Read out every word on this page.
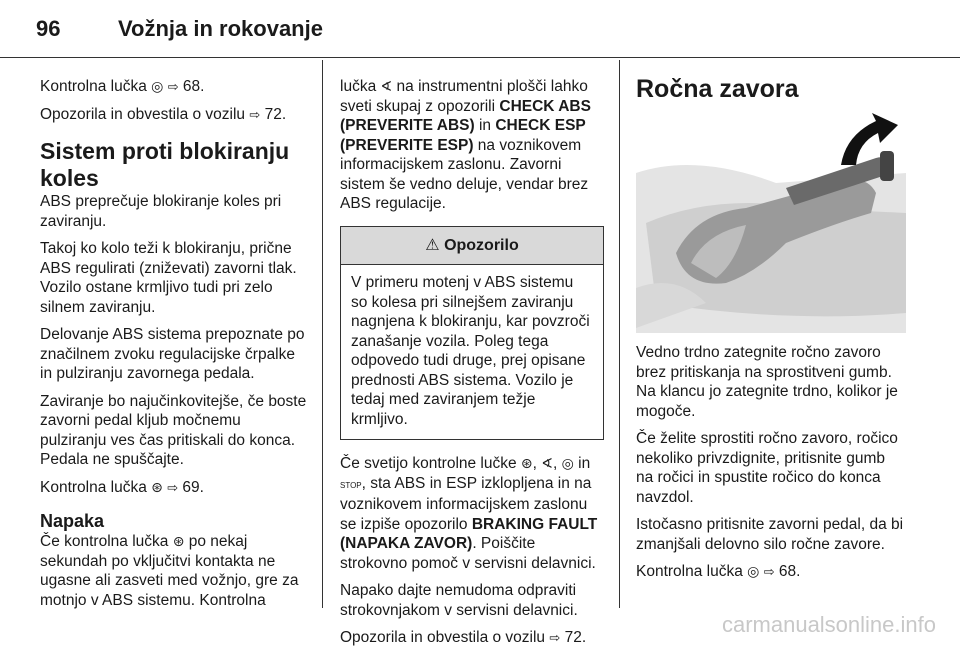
96	Vožnja in rokovanje

Kontrolna lučka ◎ ⇨ 68.

Opozorila in obvestila o vozilu ⇨ 72.

Sistem proti blokiranju koles

ABS preprečuje blokiranje koles pri zaviranju.

Takoj ko kolo teži k blokiranju, prične ABS regulirati (zniževati) zavorni tlak. Vozilo ostane krmljivo tudi pri zelo silnem zaviranju.

Delovanje ABS sistema prepoznate po značilnem zvoku regulacijske črpalke in pulziranju zavornega pedala.

Zaviranje bo najučinkovitejše, če boste zavorni pedal kljub močnemu pulziranju ves čas pritiskali do konca. Pedala ne spuščajte.

Kontrolna lučka ⊛ ⇨ 69.

Napaka

Če kontrolna lučka ⊛ po nekaj sekundah po vključitvi kontakta ne ugasne ali zasveti med vožnjo, gre za motnjo v ABS sistemu. Kontrolna

lučka ∢ na instrumentni plošči lahko sveti skupaj z opozorili CHECK ABS (PREVERITE ABS) in CHECK ESP (PREVERITE ESP) na voznikovem informacijskem zaslonu. Zavorni sistem še vedno deluje, vendar brez ABS regulacije.

⚠ Opozorilo
V primeru motenj v ABS sistemu so kolesa pri silnejšem zaviranju nagnjena k blokiranju, kar povzroči zanašanje vozila. Poleg tega odpovedo tudi druge, prej opisane prednosti ABS sistema. Vozilo je tedaj med zaviranjem težje krmljivo.

Če svetijo kontrolne lučke ⊛, ∢, ◎ in STOP, sta ABS in ESP izklopljena in na voznikovem informacijskem zaslonu se izpiše opozorilo BRAKING FAULT (NAPAKA ZAVOR). Poiščite strokovno pomoč v servisni delavnici.

Napako dajte nemudoma odpraviti strokovnjakom v servisni delavnici.

Opozorila in obvestila o vozilu ⇨ 72.

Ročna zavora

Vedno trdno zategnite ročno zavoro brez pritiskanja na sprostitveni gumb. Na klancu jo zategnite trdno, kolikor je mogoče.

Če želite sprostiti ročno zavoro, ročico nekoliko privzdignite, pritisnite gumb na ročici in spustite ročico do konca navzdol.

Istočasno pritisnite zavorni pedal, da bi zmanjšali delovno silo ročne zavore.

Kontrolna lučka ◎ ⇨ 68.

carmanualsonline.info
